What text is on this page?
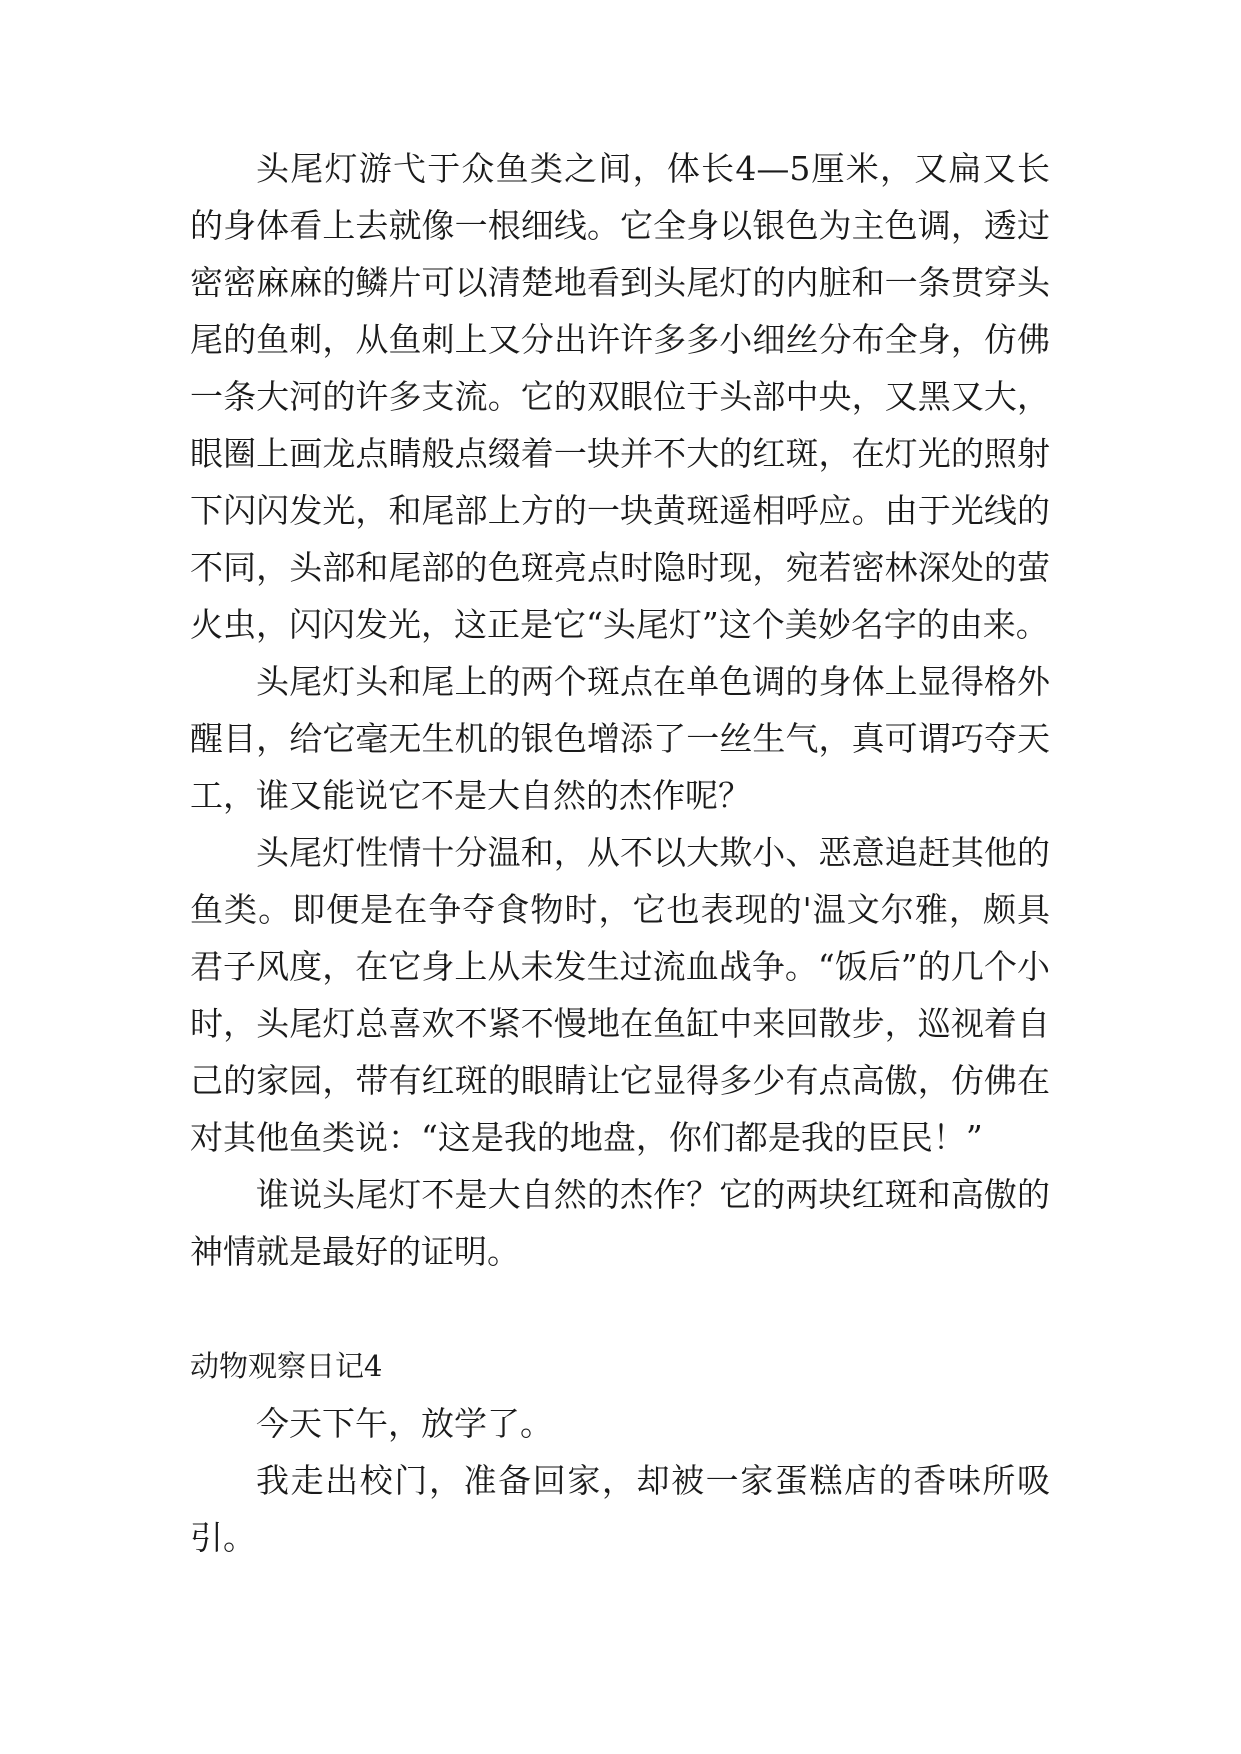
头尾灯游弋于众鱼类之间，体长4—5厘米，又扁又长的身体看上去就像一根细线。它全身以银色为主色调，透过密密麻麻的鳞片可以清楚地看到头尾灯的内脏和一条贯穿头尾的鱼刺，从鱼刺上又分出许许多多小细丝分布全身，仿佛一条大河的许多支流。它的双眼位于头部中央，又黑又大，眼圈上画龙点睛般点缀着一块并不大的红斑，在灯光的照射下闪闪发光，和尾部上方的一块黄斑遥相呼应。由于光线的不同，头部和尾部的色斑亮点时隐时现，宛若密林深处的萤火虫，闪闪发光，这正是它“头尾灯”这个美妙名字的由来。

头尾灯头和尾上的两个斑点在单色调的身体上显得格外醒目，给它毫无生机的银色增添了一丝生气，真可谓巧夺天工，谁又能说它不是大自然的杰作呢？

头尾灯性情十分温和，从不以大欺小、恶意追赶其他的鱼类。即便是在争夺食物时，它也表现的'温文尔雅，颇具君子风度，在它身上从未发生过流血战争。“饭后”的几个小时，头尾灯总喜欢不紧不慢地在鱼缸中来回散步，巡视着自己的家园，带有红斑的眼睛让它显得多少有点高傲，仿佛在对其他鱼类说：“这是我的地盘，你们都是我的臣民！”

谁说头尾灯不是大自然的杰作？它的两块红斑和高傲的神情就是最好的证明。

动物观察日记4

今天下午，放学了。

我走出校门，准备回家，却被一家蛋糕店的香味所吸引。
